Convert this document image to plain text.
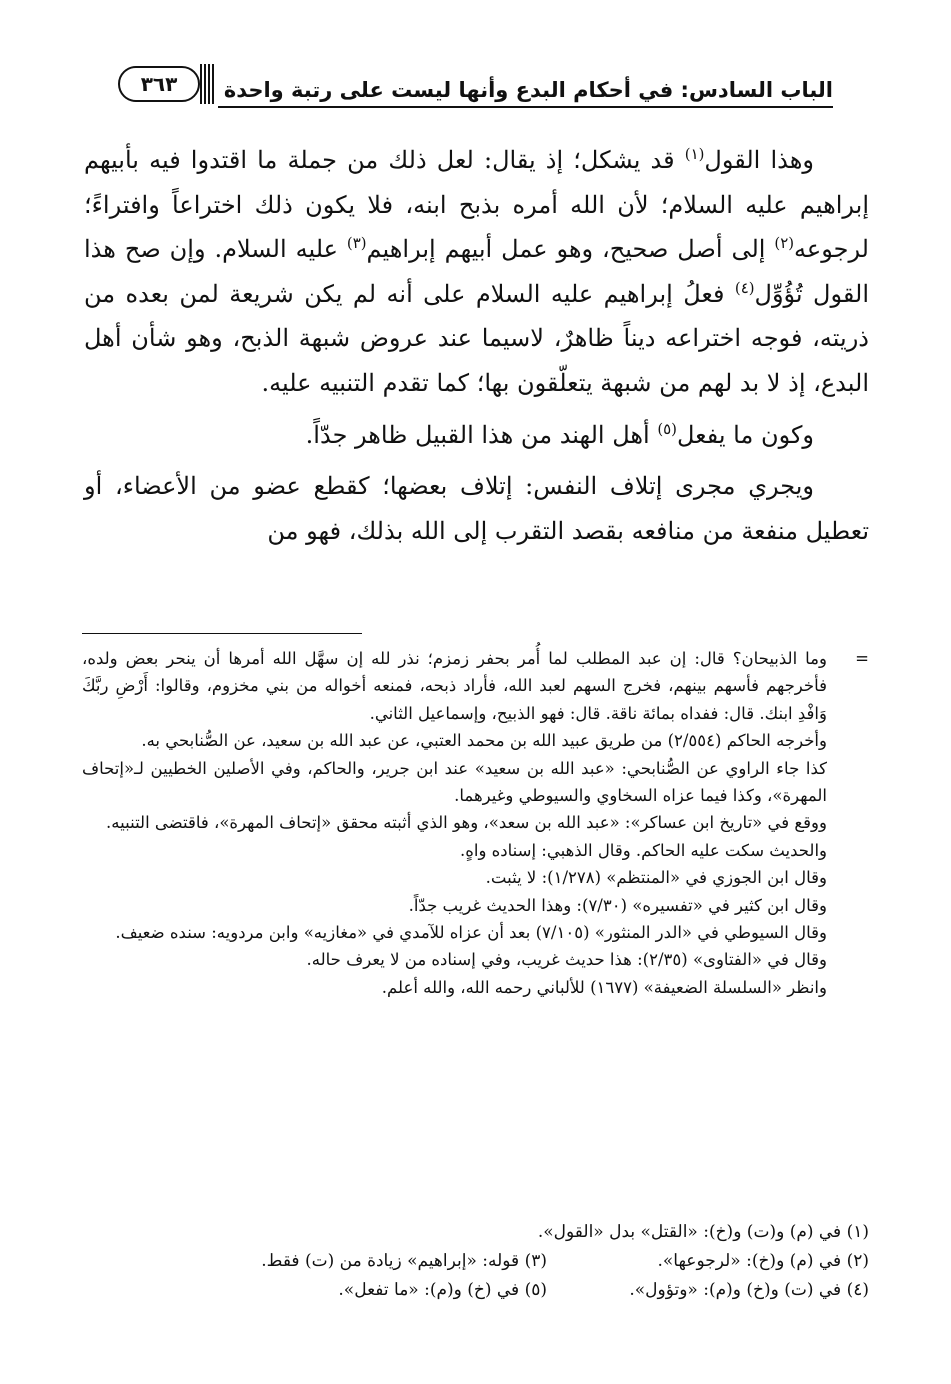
الباب السادس: في أحكام البدع وأنها ليست على رتبة واحدة
٣٦٣

وهذا القول$^{(١)}$ قد يشكل؛ إذ يقال: لعل ذلك من جملة ما اقتدوا فيه بأبيهم إبراهيم عليه السلام؛ لأن الله أمره بذبح ابنه، فلا يكون ذلك اختراعاً وافتراءً؛ لرجوعه$^{(٢)}$ إلى أصل صحيح، وهو عمل أبيهم إبراهيم$^{(٣)}$ عليه السلام. وإن صح هذا القول تُؤُوِّل$^{(٤)}$ فعلُ إبراهيم عليه السلام على أنه لم يكن شريعة لمن بعده من ذريته، فوجه اختراعه ديناً ظاهرٌ، لاسيما عند عروض شبهة الذبح، وهو شأن أهل البدع، إذ لا بد لهم من شبهة يتعلّقون بها؛ كما تقدم التنبيه عليه.

وكون ما يفعل$^{(٥)}$ أهل الهند من هذا القبيل ظاهر جدّاً.

ويجري مجرى إتلاف النفس: إتلاف بعضها؛ كقطع عضو من الأعضاء، أو تعطيل منفعة من منافعه بقصد التقرب إلى الله بذلك، فهو من

=
وما الذبيحان؟ قال: إن عبد المطلب لما أُمر بحفر زمزم؛ نذر لله إن سهَّل الله أمرها أن ينحر بعض ولده، فأخرجهم فأسهم بينهم، فخرج السهم لعبد الله، فأراد ذبحه، فمنعه أخواله من بني مخزوم، وقالوا: أَرْضِ ربَّكَ وَافْدِ ابنك. قال: ففداه بمائة ناقة. قال: فهو الذبيح، وإسماعيل الثاني.

وأخرجه الحاكم (٢/٥٥٤) من طريق عبيد الله بن محمد العتبي، عن عبد الله بن سعيد، عن الصُّنابحي به.

كذا جاء الراوي عن الصُّنابحي: «عبد الله بن سعيد» عند ابن جرير، والحاكم، وفي الأصلين الخطيين لـ«إتحاف المهرة»، وكذا فيما عزاه السخاوي والسيوطي وغيرهما.

ووقع في «تاريخ ابن عساكر»: «عبد الله بن سعد»، وهو الذي أثبته محقق «إتحاف المهرة»، فاقتضى التنبيه.

والحديث سكت عليه الحاكم. وقال الذهبي: إسناده واهٍ.

وقال ابن الجوزي في «المنتظم» (١/٢٧٨): لا يثبت.

وقال ابن كثير في «تفسيره» (٧/٣٠): وهذا الحديث غريب جدّاً.

وقال السيوطي في «الدر المنثور» (٧/١٠٥) بعد أن عزاه للآمدي في «مغازيه» وابن مردويه: سنده ضعيف.

وقال في «الفتاوى» (٢/٣٥): هذا حديث غريب، وفي إسناده من لا يعرف حاله.

وانظر «السلسلة الضعيفة» (١٦٧٧) للألباني رحمه الله، والله أعلم.

(١) في (م) و(ت) و(خ): «القتل» بدل «القول».
(٢) في (م) و(خ): «لرجوعها».
(٣) قوله: «إبراهيم» زيادة من (ت) فقط.
(٤) في (ت) و(خ) و(م): «وتؤول».
(٥) في (خ) و(م): «ما تفعل».
